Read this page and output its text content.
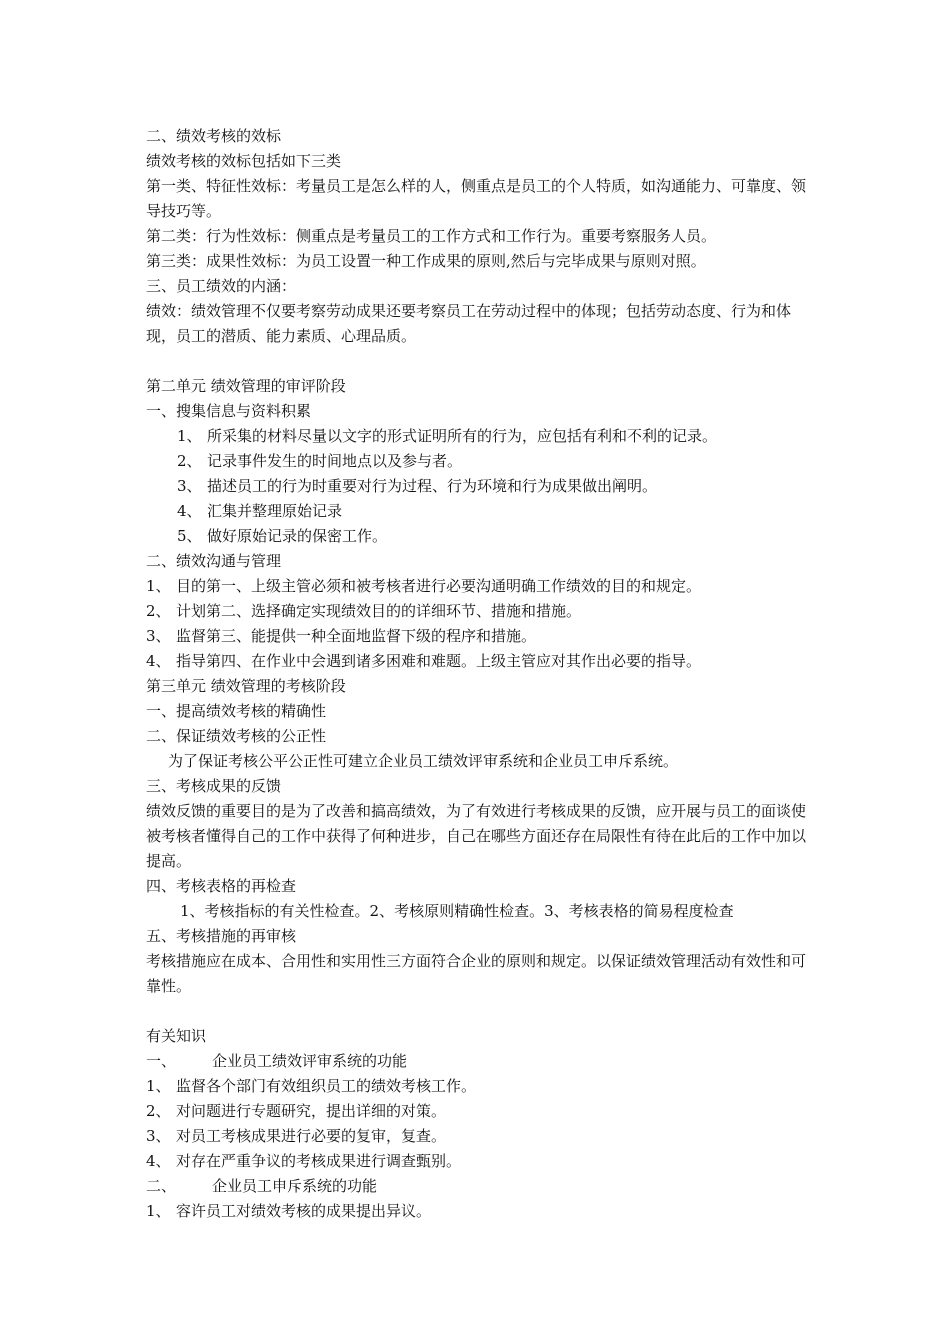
二、绩效考核的效标

绩效考核的效标包括如下三类

第一类、特征性效标：考量员工是怎么样的人，侧重点是员工的个人特质，如沟通能力、可靠度、领导技巧等。

第二类：行为性效标：侧重点是考量员工的工作方式和工作行为。重要考察服务人员。

第三类：成果性效标：为员工设置一种工作成果的原则,然后与完毕成果与原则对照。

三、员工绩效的内涵：

绩效：绩效管理不仅要考察劳动成果还要考察员工在劳动过程中的体现；包括劳动态度、行为和体现，员工的潜质、能力素质、心理品质。

第二单元 绩效管理的审评阶段

一、搜集信息与资料积累

1、 所采集的材料尽量以文字的形式证明所有的行为，应包括有利和不利的记录。

2、 记录事件发生的时间地点以及参与者。

3、 描述员工的行为时重要对行为过程、行为环境和行为成果做出阐明。

4、 汇集并整理原始记录

5、 做好原始记录的保密工作。

二、绩效沟通与管理

1、 目的第一、上级主管必须和被考核者进行必要沟通明确工作绩效的目的和规定。

2、 计划第二、选择确定实现绩效目的的详细环节、措施和措施。

3、 监督第三、能提供一种全面地监督下级的程序和措施。

4、 指导第四、在作业中会遇到诸多困难和难题。上级主管应对其作出必要的指导。

第三单元 绩效管理的考核阶段

一、提高绩效考核的精确性

二、保证绩效考核的公正性

为了保证考核公平公正性可建立企业员工绩效评审系统和企业员工申斥系统。

三、考核成果的反馈

绩效反馈的重要目的是为了改善和搞高绩效，为了有效进行考核成果的反馈，应开展与员工的面谈使被考核者懂得自己的工作中获得了何种进步，自己在哪些方面还存在局限性有待在此后的工作中加以提高。

四、考核表格的再检查

1、考核指标的有关性检查。2、考核原则精确性检查。3、考核表格的简易程度检查

五、考核措施的再审核

考核措施应在成本、合用性和实用性三方面符合企业的原则和规定。以保证绩效管理活动有效性和可靠性。

有关知识

一、 企业员工绩效评审系统的功能

1、 监督各个部门有效组织员工的绩效考核工作。

2、 对问题进行专题研究，提出详细的对策。

3、 对员工考核成果进行必要的复审，复查。

4、 对存在严重争议的考核成果进行调查甄别。

二、 企业员工申斥系统的功能

1、 容许员工对绩效考核的成果提出异议。
